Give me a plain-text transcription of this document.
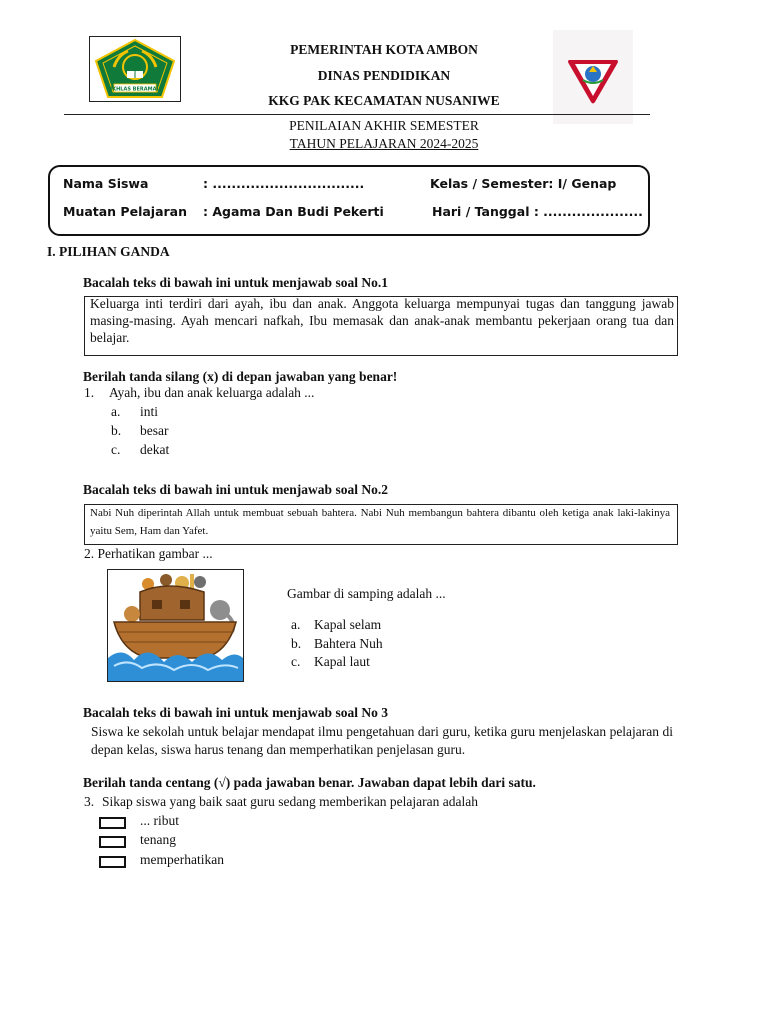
IKHLAS BERAMAL
PEMERINTAH KOTA AMBON
DINAS PENDIDIKAN
KKG PAK KECAMATAN NUSANIWE
PENILAIAN AKHIR SEMESTER
TAHUN PELAJARAN 2024-2025
Nama Siswa	: ................................	Kelas / Semester: I/ Genap
Muatan Pelajaran : Agama Dan Budi Pekerti	Hari / Tanggal : .....................
I. PILIHAN GANDA
Bacalah teks di bawah ini untuk menjawab soal No.1
Keluarga inti terdiri dari ayah, ibu dan anak. Anggota keluarga mempunyai tugas dan tanggung jawab masing-masing. Ayah mencari nafkah, Ibu memasak dan anak-anak membantu pekerjaan orang tua dan belajar.
Berilah tanda silang (x) di depan jawaban yang benar!
1. Ayah, ibu dan anak keluarga adalah ...
a. inti
b. besar
c. dekat
Bacalah teks di bawah ini untuk menjawab soal No.2
Nabi Nuh diperintah Allah untuk membuat sebuah bahtera. Nabi Nuh membangun bahtera dibantu oleh ketiga anak laki-lakinya yaitu Sem, Ham dan Yafet.
2. Perhatikan gambar ...
Gambar di samping adalah ...
a. Kapal selam
b. Bahtera Nuh
c. Kapal laut
Bacalah teks di bawah ini untuk menjawab soal No 3
Siswa ke sekolah untuk belajar mendapat ilmu pengetahuan dari guru, ketika guru menjelaskan pelajaran di depan kelas, siswa harus tenang dan memperhatikan penjelasan guru.
Berilah tanda centang (√) pada jawaban benar. Jawaban dapat lebih dari satu.
3. Sikap siswa yang baik saat guru sedang memberikan pelajaran adalah
... ribut
tenang
memperhatikan
